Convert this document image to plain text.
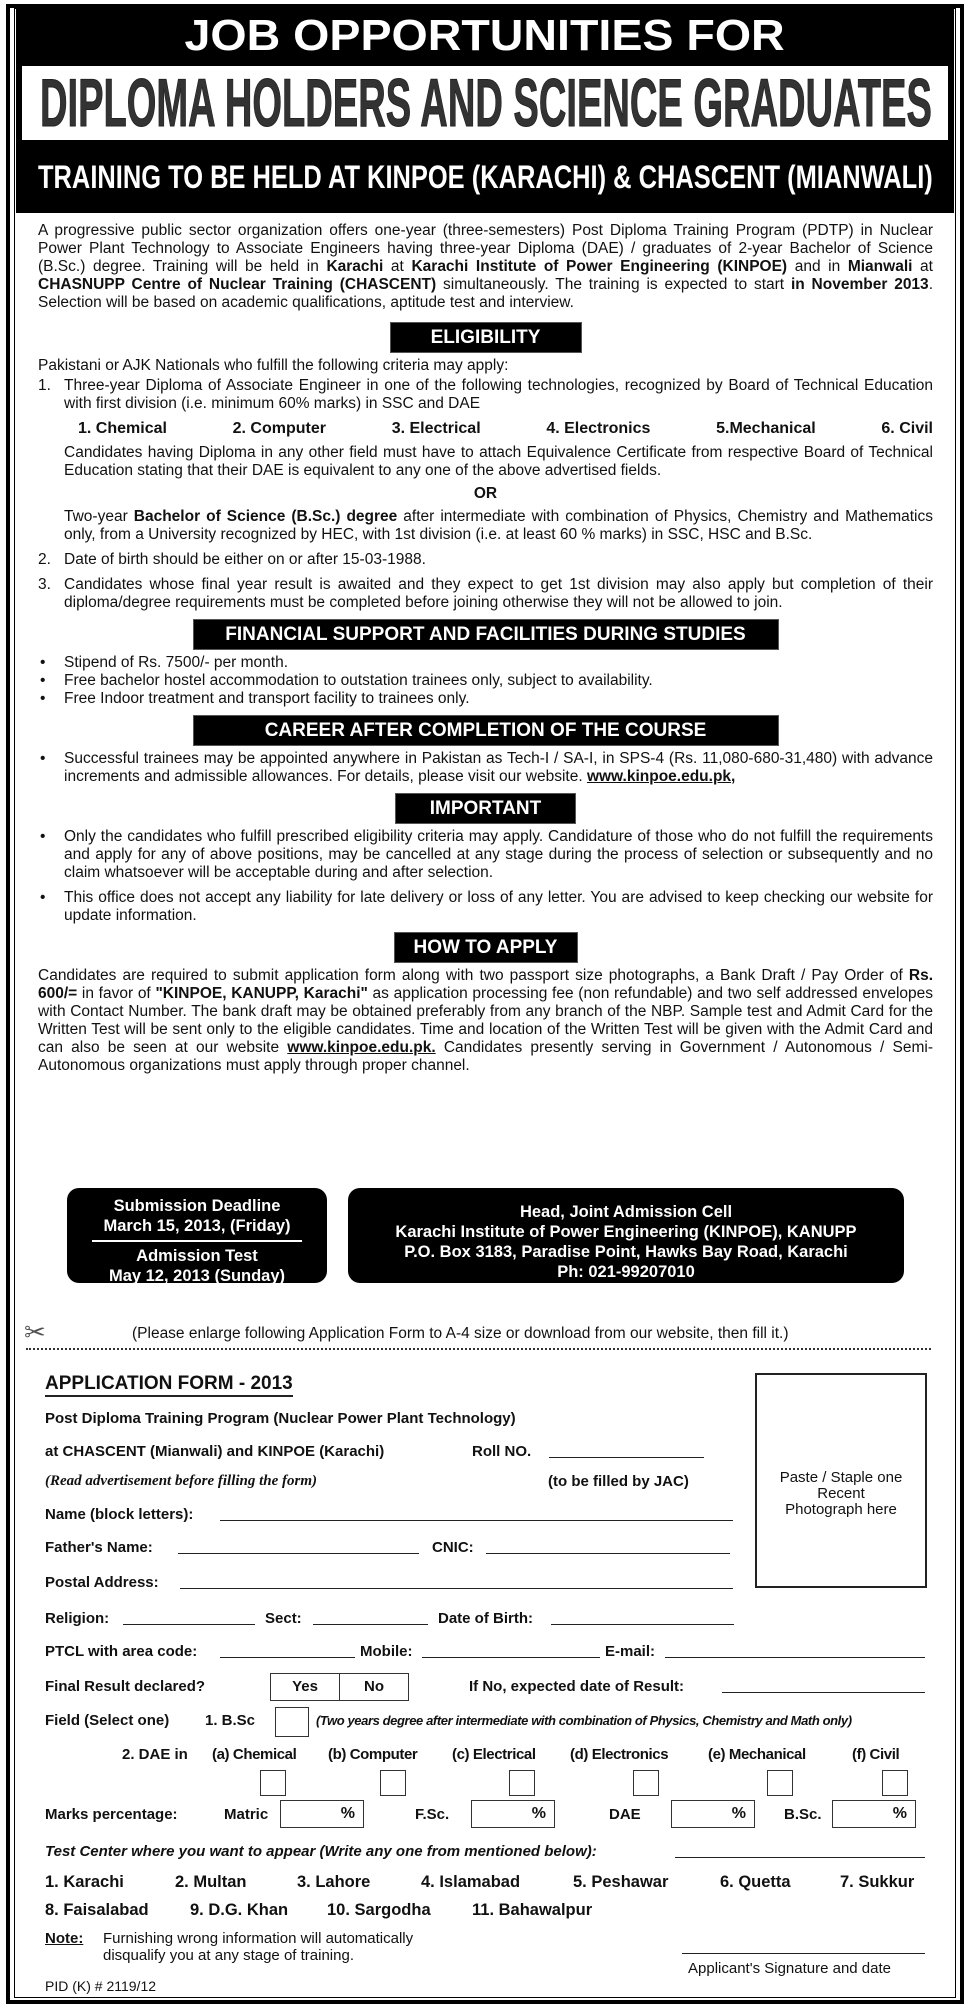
JOB OPPORTUNITIES FOR
DIPLOMA HOLDERS AND SCIENCE GRADUATES
TRAINING TO BE HELD AT KINPOE (KARACHI) & CHASCENT (MIANWALI)

A progressive public sector organization offers one-year (three-semesters) Post Diploma Training Program (PDTP) in Nuclear Power Plant Technology to Associate Engineers having three-year Diploma (DAE) / graduates of 2-year Bachelor of Science (B.Sc.) degree. Training will be held in Karachi at Karachi Institute of Power Engineering (KINPOE) and in Mianwali at CHASNUPP Centre of Nuclear Training (CHASCENT) simultaneously. The training is expected to start in November 2013. Selection will be based on academic qualifications, aptitude test and interview.

ELIGIBILITY

Pakistani or AJK Nationals who fulfill the following criteria may apply:

1. Three-year Diploma of Associate Engineer in one of the following technologies, recognized by Board of Technical Education with first division (i.e. minimum 60% marks) in SSC and DAE
1. Chemical	2. Computer	3. Electrical	4. Electronics	5.Mechanical	6. Civil

Candidates having Diploma in any other field must have to attach Equivalence Certificate from respective Board of Technical Education stating that their DAE is equivalent to any one of the above advertised fields.

OR

Two-year Bachelor of Science (B.Sc.) degree after intermediate with combination of Physics, Chemistry and Mathematics only, from a University recognized by HEC, with 1st division (i.e. at least 60 % marks) in SSC, HSC and B.Sc.

2. Date of birth should be either on or after 15-03-1988.
3. Candidates whose final year result is awaited and they expect to get 1st division may also apply but completion of their diploma/degree requirements must be completed before joining otherwise they will not be allowed to join.
FINANCIAL SUPPORT AND FACILITIES DURING STUDIES
•	Stipend of Rs. 7500/- per month.
•	Free bachelor hostel accommodation to outstation trainees only, subject to availability.
•	Free Indoor treatment and transport facility to trainees only.
CAREER AFTER COMPLETION OF THE COURSE
•	Successful trainees may be appointed anywhere in Pakistan as Tech-I / SA-I, in SPS-4 (Rs. 11,080-680-31,480) with advance increments and admissible allowances. For details, please visit our website. www.kinpoe.edu.pk,
IMPORTANT
•	Only the candidates who fulfill prescribed eligibility criteria may apply. Candidature of those who do not fulfill the requirements and apply for any of above positions, may be cancelled at any stage during the process of selection or subsequently and no claim whatsoever will be acceptable during and after selection.
•	This office does not accept any liability for late delivery or loss of any letter. You are advised to keep checking our website for update information.
HOW TO APPLY

Candidates are required to submit application form along with two passport size photographs, a Bank Draft / Pay Order of Rs. 600/= in favor of "KINPOE, KANUPP, Karachi" as application processing fee (non refundable) and two self addressed envelopes with Contact Number. The bank draft may be obtained preferably from any branch of the NBP. Sample test and Admit Card for the Written Test will be sent only to the eligible candidates. Time and location of the Written Test will be given with the Admit Card and can also be seen at our website www.kinpoe.edu.pk. Candidates presently serving in Government / Autonomous / Semi-Autonomous organizations must apply through proper channel.

Submission Deadline
March 15, 2013, (Friday)
Admission Test
May 12, 2013 (Sunday)
Head, Joint Admission Cell
Karachi Institute of Power Engineering (KINPOE), KANUPP
P.O. Box 3183, Paradise Point, Hawks Bay Road, Karachi
Ph: 021-99207010
✂	(Please enlarge following Application Form to A-4 size or download from our website, then fill it.)
APPLICATION FORM - 2013
Paste / Staple one
Recent
Photograph here
Post Diploma Training Program (Nuclear Power Plant Technology)
at CHASCENT (Mianwali) and KINPOE (Karachi)	Roll NO.
(Read advertisement before filling the form)	(to be filled by JAC)
Name (block letters):
Father's Name:	CNIC:
Postal Address:
Religion:	Sect:	Date of Birth:
PTCL with area code:	Mobile:	E-mail:
Final Result declared?	Yes	No	If No, expected date of Result:
Field (Select one) 1. B.Sc	(Two years degree after intermediate with combination of Physics, Chemistry and Math only)
2. DAE in (a) Chemical (b) Computer (c) Electrical (d) Electronics	(e) Mechanical	(f) Civil
Marks percentage:	Matric	%	F.Sc.	%	DAE	%	B.Sc.	%
Test Center where you want to appear (Write any one from mentioned below):
1. Karachi	2. Multan	3. Lahore	4. Islamabad	5. Peshawar	6. Quetta	7. Sukkur
8. Faisalabad	9. D.G. Khan 10. Sargodha	11. Bahawalpur
Note: Furnishing wrong information will automatically
disqualify you at any stage of training.
Applicant's Signature and date
PID (K) # 2119/12
